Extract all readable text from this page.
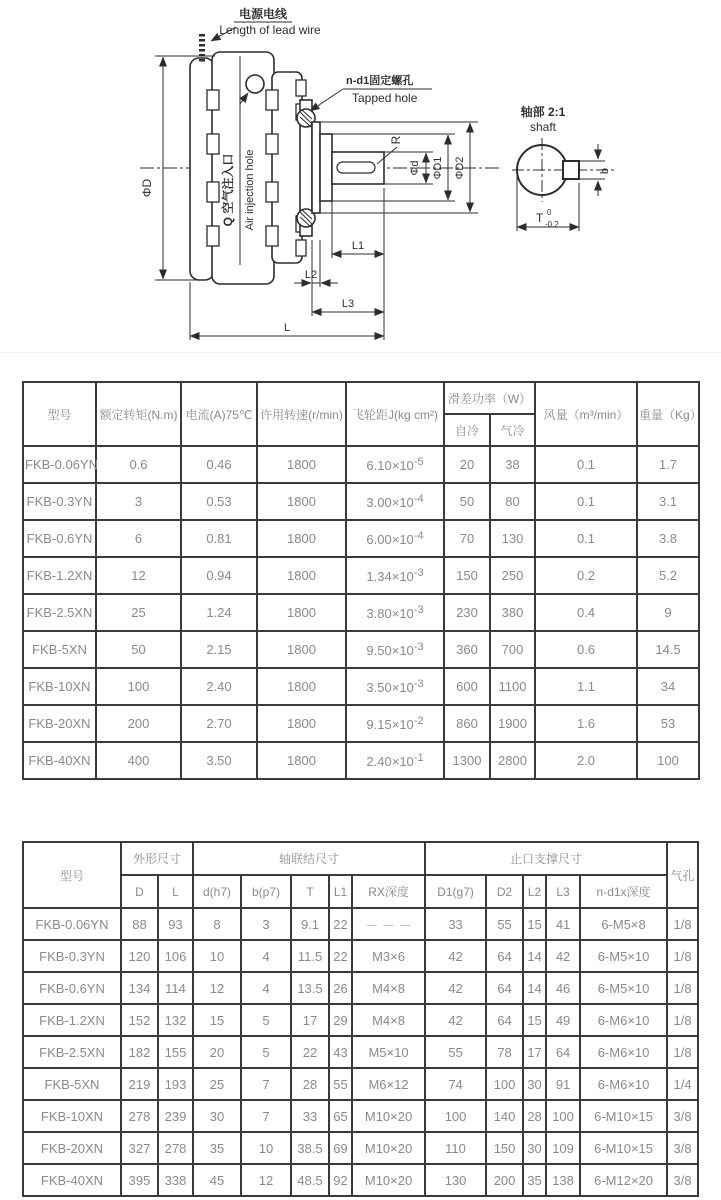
电源电线
Length of lead wire
n-d1固定螺孔
Tapped hole
Q 空气注入口 Air injection hole
ΦD
R
Φd ΦD1 ΦD2
L1
L2
L3
L
轴部 2:1
shaft
b
T 0
-0.2
型号	额定转矩(N.m)	电流(A)75℃	许用转速(r/min)	飞轮距J(kg cm²)	滑差功率（W）		风量（m³/min）	重量（Kg）
					自冷	气冷		
FKB-0.06YN	0.6	0.46	1800	$6.10\times 10^{-5}$	20	38	0.1	1.7
FKB-0.3YN	3	0.53	1800	$3.00\times 10^{-4}$	50	80	0.1	3.1
FKB-0.6YN	6	0.81	1800	$6.00\times 10^{-4}$	70	130	0.1	3.8
FKB-1.2XN	12	0.94	1800	$1.34\times 10^{-3}$	150	250	0.2	5.2
FKB-2.5XN	25	1.24	1800	$3.80\times 10^{-3}$	230	380	0.4	9
FKB-5XN	50	2.15	1800	$9.50\times 10^{-3}$	360	700	0.6	14.5
FKB-10XN	100	2.40	1800	$3.50\times 10^{-3}$	600	1100	1.1	34
FKB-20XN	200	2.70	1800	$9.15\times 10^{-2}$	860	1900	1.6	53
FKB-40XN	400	3.50	1800	$2.40\times 10^{-1}$	1300	2800	2.0	100
型号	外形尺寸		轴联结尺寸					止口支撑尺寸					气孔
	D	L	d(h7)	b(p7)	T	L1	RX深度	D1(g7)	D2	L2	L3	n-d1x深度	
FKB-0.06YN	88	93	8	3	9.1	22	－ － －	33	55	15	41	6-M5×8	1/8
FKB-0.3YN	120	106	10	4	11.5	22	M3×6	42	64	14	42	6-M5×10	1/8
FKB-0.6YN	134	114	12	4	13.5	26	M4×8	42	64	14	46	6-M5×10	1/8
FKB-1.2XN	152	132	15	5	17	29	M4×8	42	64	15	49	6-M6×10	1/8
FKB-2.5XN	182	155	20	5	22	43	M5×10	55	78	17	64	6-M6×10	1/8
FKB-5XN	219	193	25	7	28	55	M6×12	74	100	30	91	6-M6×10	1/4
FKB-10XN	278	239	30	7	33	65	M10×20	100	140	28	100	6-M10×15	3/8
FKB-20XN	327	278	35	10	38.5	69	M10×20	110	150	30	109	6-M10×15	3/8
FKB-40XN	395	338	45	12	48.5	92	M10×20	130	200	35	138	6-M12×20	3/8
